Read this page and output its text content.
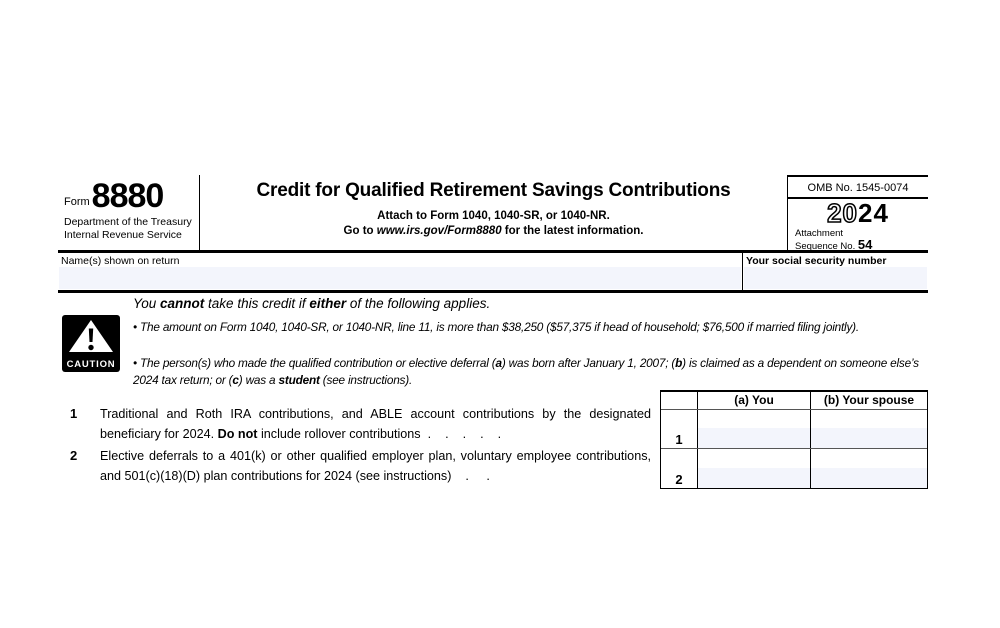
Form 8880
Department of the Treasury
Internal Revenue Service
Credit for Qualified Retirement Savings Contributions
Attach to Form 1040, 1040-SR, or 1040-NR.
Go to www.irs.gov/Form8880 for the latest information.
OMB No. 1545-0074
2024
Attachment
Sequence No. 54
Name(s) shown on return	Your social security number
You cannot take this credit if either of the following applies.
CAUTION
• The amount on Form 1040, 1040-SR, or 1040-NR, line 11, is more than $38,250 ($57,375 if head of household; $76,500 if married filing jointly).
• The person(s) who made the qualified contribution or elective deferral (a) was born after January 1, 2007; (b) is claimed as a dependent on someone else’s 2024 tax return; or (c) was a student (see instructions).
(a) You	(b) Your spouse
1
2
1	Traditional and Roth IRA contributions, and ABLE account contributions by the designated beneficiary for 2024. Do not include rollover contributions  .    .    .    .    .
2	Elective deferrals to a 401(k) or other qualified employer plan, voluntary employee contributions, and 501(c)(18)(D) plan contributions for 2024 (see instructions)    .     .
